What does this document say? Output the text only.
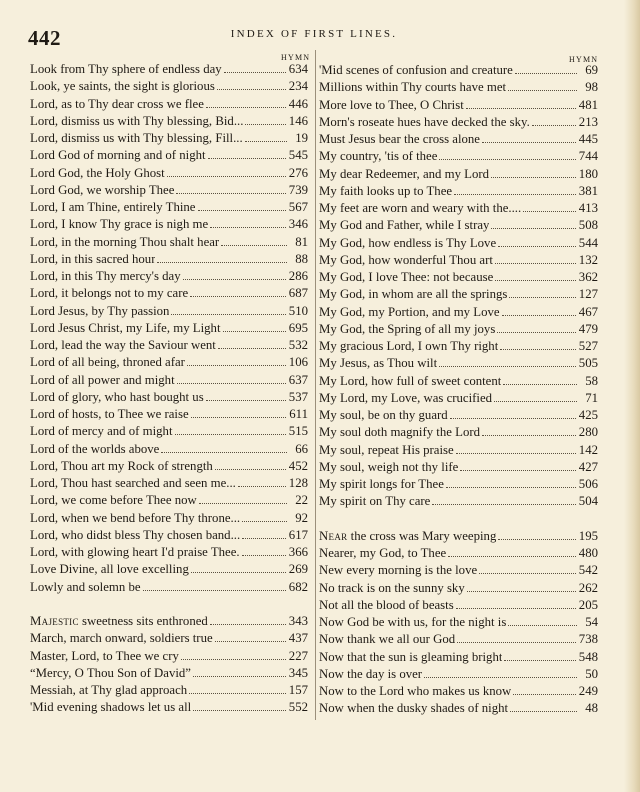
442	INDEX OF FIRST LINES.
HYMN	HYMN
Look from Thy sphere of endless day	634
Look, ye saints, the sight is glorious	234
Lord, as to Thy dear cross we flee	446
Lord, dismiss us with Thy blessing, Bid...	146
Lord, dismiss us with Thy blessing, Fill...	19
Lord God of morning and of night	545
Lord God, the Holy Ghost	276
Lord God, we worship Thee	739
Lord, I am Thine, entirely Thine	567
Lord, I know Thy grace is nigh me	346
Lord, in the morning Thou shalt hear	81
Lord, in this sacred hour	88
Lord, in this Thy mercy's day	286
Lord, it belongs not to my care	687
Lord Jesus, by Thy passion	510
Lord Jesus Christ, my Life, my Light	695
Lord, lead the way the Saviour went	532
Lord of all being, throned afar	106
Lord of all power and might	637
Lord of glory, who hast bought us	537
Lord of hosts, to Thee we raise	611
Lord of mercy and of might	515
Lord of the worlds above	66
Lord, Thou art my Rock of strength	452
Lord, Thou hast searched and seen me...	128
Lord, we come before Thee now	22
Lord, when we bend before Thy throne...	92
Lord, who didst bless Thy chosen band...	617
Lord, with glowing heart I'd praise Thee.	366
Love Divine, all love excelling	269
Lowly and solemn be	682
Majestic sweetness sits enthroned	343
March, march onward, soldiers true	437
Master, Lord, to Thee we cry	227
“Mercy, O Thou Son of David”	345
Messiah, at Thy glad approach	157
'Mid evening shadows let us all	552
'Mid scenes of confusion and creature	69
Millions within Thy courts have met	98
More love to Thee, O Christ	481
Morn's roseate hues have decked the sky.	213
Must Jesus bear the cross alone	445
My country, 'tis of thee	744
My dear Redeemer, and my Lord	180
My faith looks up to Thee	381
My feet are worn and weary with the....	413
My God and Father, while I stray	508
My God, how endless is Thy Love	544
My God, how wonderful Thou art	132
My God, I love Thee: not because	362
My God, in whom are all the springs	127
My God, my Portion, and my Love	467
My God, the Spring of all my joys	479
My gracious Lord, I own Thy right	527
My Jesus, as Thou wilt	505
My Lord, how full of sweet content	58
My Lord, my Love, was crucified	71
My soul, be on thy guard	425
My soul doth magnify the Lord	280
My soul, repeat His praise	142
My soul, weigh not thy life	427
My spirit longs for Thee	506
My spirit on Thy care	504
Near the cross was Mary weeping	195
Nearer, my God, to Thee	480
New every morning is the love	542
No track is on the sunny sky	262
Not all the blood of beasts	205
Now God be with us, for the night is	54
Now thank we all our God	738
Now that the sun is gleaming bright	548
Now the day is over	50
Now to the Lord who makes us know	249
Now when the dusky shades of night	48
